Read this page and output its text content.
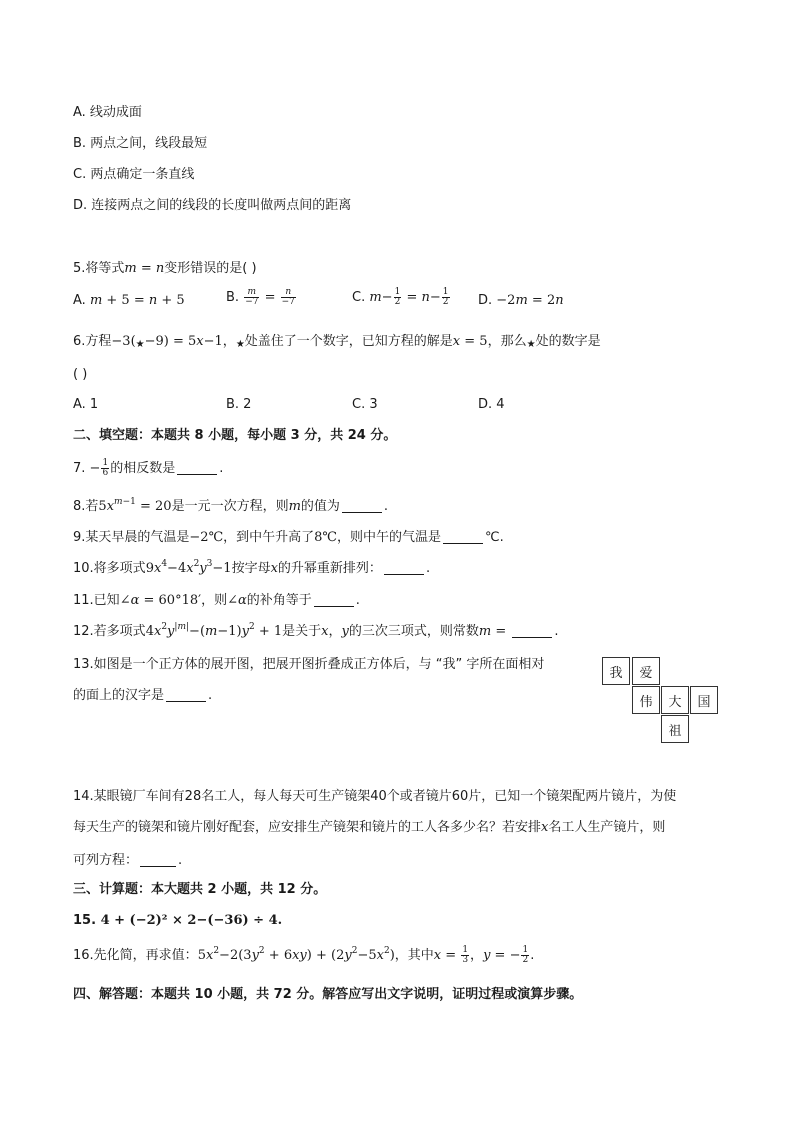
A. 线动成面
B. 两点之间，线段最短
C. 两点确定一条直线
D. 连接两点之间的线段的长度叫做两点间的距离
5.将等式m = n变形错误的是( )
A. m + 5 = n + 5	B. $\frac{m}{-7} = \frac{n}{-7}$	C. $m- \frac{1}{2} = n- \frac{1}{2} D$. −2m = 2n
6.方程−3(★−9) = 5x−1，★处盖住了一个数字，已知方程的解是x = 5，那么★处的数字是
( )
A. 1	B. 2	C. 3	D. 4
二、填空题：本题共 8 小题，每小题 3 分，共 24 分。
7. − $\frac{1}{6}$ 的相反数是	.
8.若$5x^{m-1} = 20$是一元一次方程，则m的值为	.
9.某天早晨的气温是−2℃，到中午升高了8℃，则中午的气温是	℃.
10.将多项式$9x^4-4x^2y^3-1$按字母x的升幂重新排列：	.
11.已知∠α = 60°18′，则∠α的补角等于	.
12.若多项式$4x^2y^{|m|}-(m-1)y^2 + 1$是关于x，y的三次三项式，则常数m =	.
13.如图是一个正方体的展开图，把展开图折叠成正方体后，与 “我” 字所在面相对
的面上的汉字是	.
我	爱
伟	大	国
祖
14.某眼镜厂车间有28名工人，每人每天可生产镜架40个或者镜片60片，已知一个镜架配两片镜片，为使
每天生产的镜架和镜片刚好配套，应安排生产镜架和镜片的工人各多少名？若安排x名工人生产镜片，则
可列方程：	.
三、计算题：本大题共 2 小题，共 12 分。
15. 4 + (−2)² × 2−(−36) ÷ 4.
16.先化简，再求值：$5x^2-2(3y^2 + 6xy) + (2y^2-5x^2)$，其中$x = \frac{1}{3}$ ，y = − $\frac{1}{2}$ .
四、解答题：本题共 10 小题，共 72 分。解答应写出文字说明，证明过程或演算步骤。
